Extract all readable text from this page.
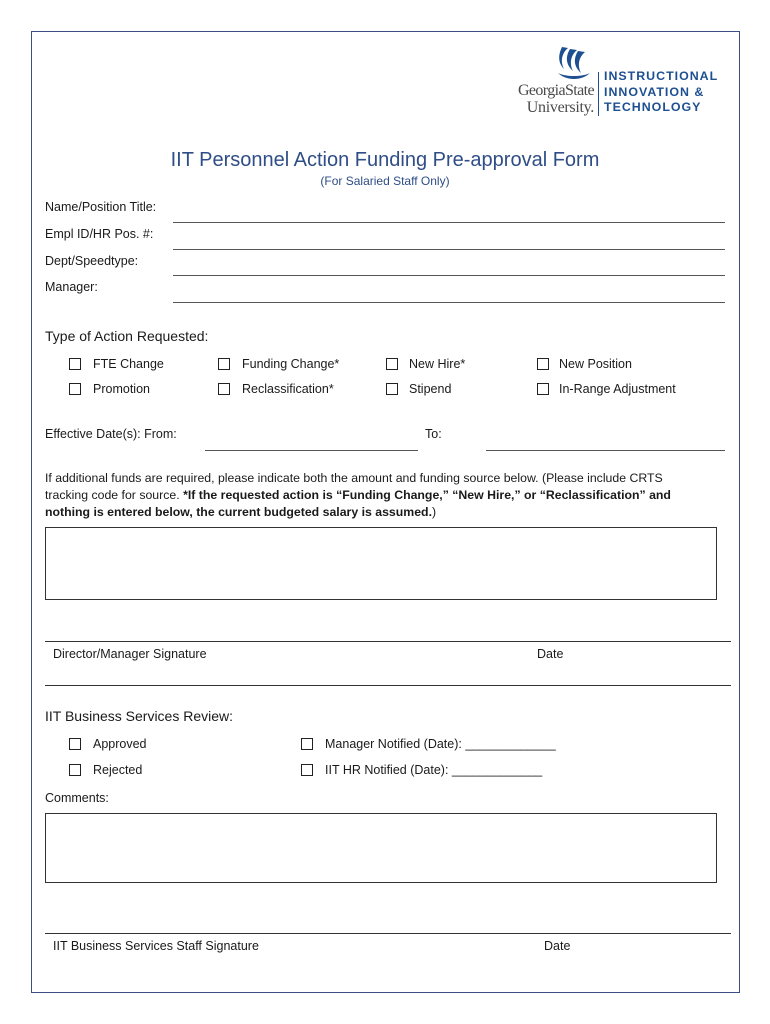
GeorgiaState
University.
INSTRUCTIONAL
INNOVATION &
TECHNOLOGY
IIT Personnel Action Funding Pre-approval Form
(For Salaried Staff Only)
Name/Position Title:
Empl ID/HR Pos. #:
Dept/Speedtype:
Manager:
Type of Action Requested:
FTE Change	Funding Change*	New Hire*	New Position
Promotion	Reclassification*	Stipend	In-Range Adjustment
Effective Date(s): From:	To:
If additional funds are required, please indicate both the amount and funding source below. (Please include CRTS
tracking code for source. *If the requested action is “Funding Change,” “New Hire,” or “Reclassification” and
nothing is entered below, the current budgeted salary is assumed.)
Director/Manager Signature	Date
IIT Business Services Review:
Approved	Manager Notified (Date): _____________
Rejected	IIT HR Notified (Date): _____________
Comments:
IIT Business Services Staff Signature	Date
